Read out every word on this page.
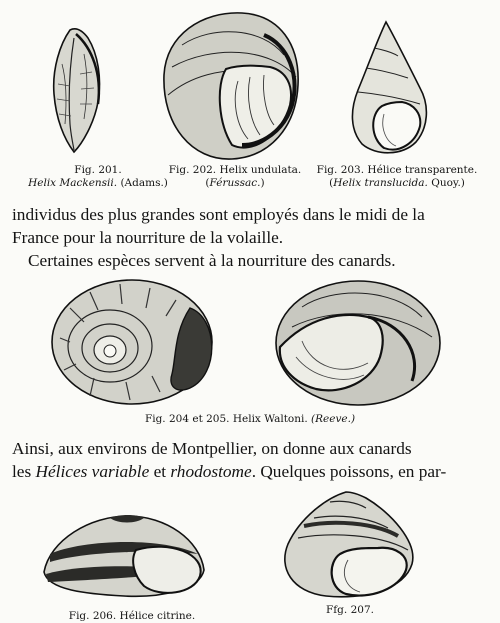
Fig. 201.
Helix Mackensii. (Adams.)
Fig. 202. Helix undulata.
(Férussac.)
Fig. 203. Hélice transparente.
(Helix translucida. Quoy.)
individus des plus grandes sont employés dans le midi de la
France pour la nourriture de la volaille.
Certaines espèces servent à la nourriture des canards.
Fig. 204 et 205. Helix Waltoni. (Reeve.)
Ainsi, aux environs de Montpellier, on donne aux canards
les Hélices variable et rhodostome. Quelques poissons, en par-
Fig. 206. Hélice citrine.	Ffg. 207.
